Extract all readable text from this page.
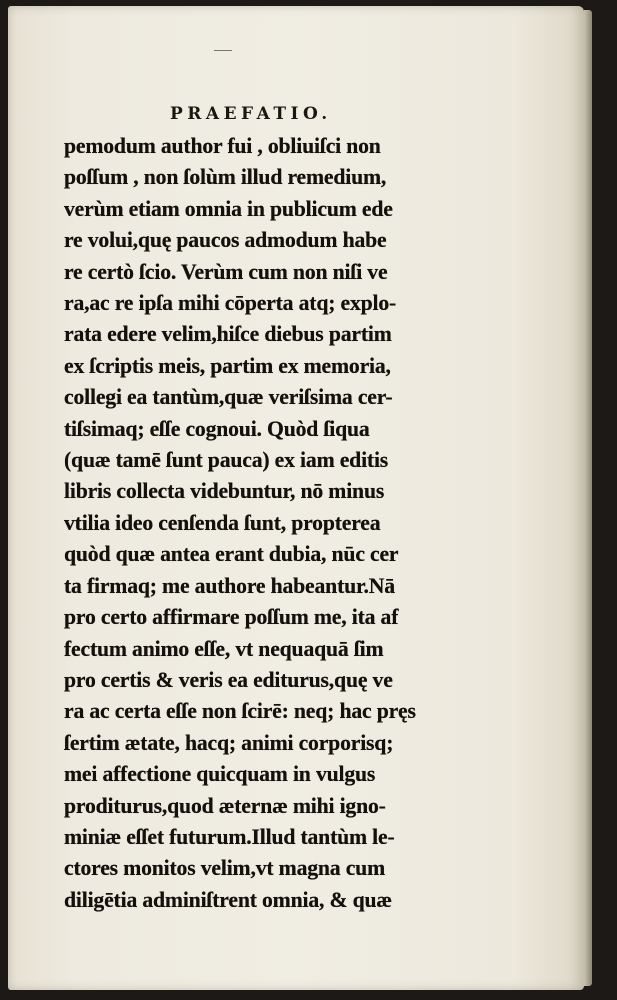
PRAEFATIO.
pemodum author fui , obliuiſci non
poſſum , non ſolùm illud remedium,
verùm etiam omnia in publicum ede
re volui,quę paucos admodum habe
re certò ſcio. Verùm cum non niſi ve
ra,ac re ipſa mihi cōperta atq; explo-
rata edere velim,hiſce diebus partim
ex ſcriptis meis, partim ex memoria,
collegi ea tantùm,quæ veriſsima cer-
tiſsimaq; eſſe cognoui. Quòd ſiqua
(quæ tamē ſunt pauca) ex iam editis
libris collecta videbuntur, nō minus
vtilia ideo cenſenda ſunt, propterea
quòd quæ antea erant dubia, nūc cer
ta firmaq; me authore habeantur.Nā
pro certo affirmare poſſum me, ita af
fectum animo eſſe, vt nequaquā ſim
pro certis & veris ea editurus,quę ve
ra ac certa eſſe non ſcirē: neq; hac pręs
ſertim ætate, hacq; animi corporisq;
mei affectione quicquam in vulgus
proditurus,quod æternæ mihi igno-
miniæ eſſet futurum.Illud tantùm le-
ctores monitos velim,vt magna cum
diligētia adminiſtrent omnia, & quæ
